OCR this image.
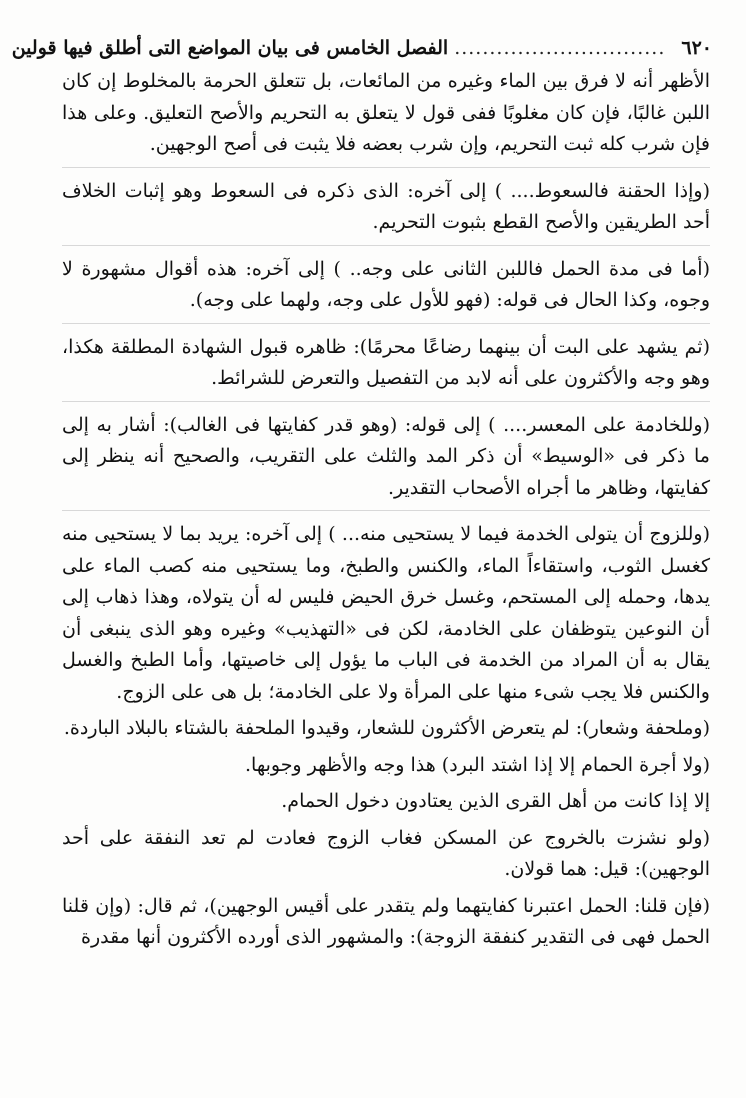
٦٢٠
..............................
الفصل الخامس فى بيان المواضع التى أطلق فيها قولين

الأظهر أنه لا فرق بين الماء وغيره من المائعات، بل تتعلق الحرمة بالمخلوط إن كان اللبن غالبًا، فإن كان مغلوبًا ففى قول لا يتعلق به التحريم والأصح التعليق. وعلى هذا فإن شرب كله ثبت التحريم، وإن شرب بعضه فلا يثبت فى أصح الوجهين.

(وإذا الحقنة فالسعوط.... ) إلى آخره: الذى ذكره فى السعوط وهو إثبات الخلاف أحد الطريقين والأصح القطع بثبوت التحريم.

(أما فى مدة الحمل فاللبن الثانى على وجه.. ) إلى آخره: هذه أقوال مشهورة لا وجوه، وكذا الحال فى قوله: (فهو للأول على وجه، ولهما على وجه).

(ثم يشهد على البت أن بينهما رضاعًا محرمًا): ظاهره قبول الشهادة المطلقة هكذا، وهو وجه والأكثرون على أنه لابد من التفصيل والتعرض للشرائط.

(وللخادمة على المعسر.... ) إلى قوله: (وهو قدر كفايتها فى الغالب): أشار به إلى ما ذكر فى «الوسيط» أن ذكر المد والثلث على التقريب، والصحيح أنه ينظر إلى كفايتها، وظاهر ما أجراه الأصحاب التقدير.

(وللزوج أن يتولى الخدمة فيما لا يستحيى منه... ) إلى آخره: يريد بما لا يستحيى منه كغسل الثوب، واستقاءاً الماء، والكنس والطبخ، وما يستحيى منه كصب الماء على يدها، وحمله إلى المستحم، وغسل خرق الحيض فليس له أن يتولاه، وهذا ذهاب إلى أن النوعين يتوظفان على الخادمة، لكن فى «التهذيب» وغيره وهو الذى ينبغى أن يقال به أن المراد من الخدمة فى الباب ما يؤول إلى خاصيتها، وأما الطبخ والغسل والكنس فلا يجب شىء منها على المرأة ولا على الخادمة؛ بل هى على الزوج.

(وملحفة وشعار): لم يتعرض الأكثرون للشعار، وقيدوا الملحفة بالشتاء بالبلاد الباردة.

(ولا أجرة الحمام إلا إذا اشتد البرد) هذا وجه والأظهر وجوبها.

إلا إذا كانت من أهل القرى الذين يعتادون دخول الحمام.

(ولو نشزت بالخروج عن المسكن فغاب الزوج فعادت لم تعد النفقة على أحد الوجهين): قيل: هما قولان.

(فإن قلنا: الحمل اعتبرنا كفايتهما ولم يتقدر على أقيس الوجهين)، ثم قال: (وإن قلنا الحمل فهى فى التقدير كنفقة الزوجة): والمشهور الذى أورده الأكثرون أنها مقدرة
